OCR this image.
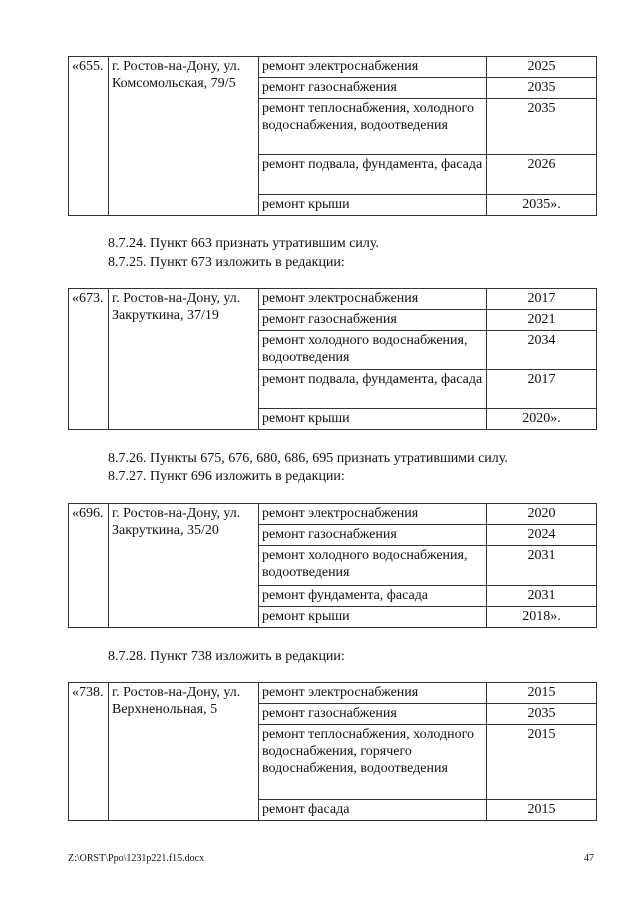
«655.	г. Ростов-на-Дону, ул. Комсомольская, 79/5	ремонт электроснабжения	2025
		ремонт газоснабжения	2035
		ремонт теплоснабжения, холодного водоснабжения, водоотведения	2035
		ремонт подвала, фундамента, фасада	2026
		ремонт крыши	2035».

8.7.24. Пункт 663 признать утратившим силу.

8.7.25. Пункт 673 изложить в редакции:

«673.	г. Ростов-на-Дону, ул. Закруткина, 37/19	ремонт электроснабжения	2017
		ремонт газоснабжения	2021
		ремонт холодного водоснабжения, водоотведения	2034
		ремонт подвала, фундамента, фасада	2017
		ремонт крыши	2020».

8.7.26. Пункты 675, 676, 680, 686, 695 признать утратившими силу.

8.7.27. Пункт 696 изложить в редакции:

«696.	г. Ростов-на-Дону, ул. Закруткина, 35/20	ремонт электроснабжения	2020
		ремонт газоснабжения	2024
		ремонт холодного водоснабжения, водоотведения	2031
		ремонт фундамента, фасада	2031
		ремонт крыши	2018».

8.7.28. Пункт 738 изложить в редакции:

«738.	г. Ростов-на-Дону, ул. Верхненольная, 5	ремонт электроснабжения	2015
		ремонт газоснабжения	2035
		ремонт теплоснабжения, холодного водоснабжения, горячего водоснабжения, водоотведения	2015
		ремонт фасада	2015
Z:\ORST\Ppo\1231p221.f15.docx	47
